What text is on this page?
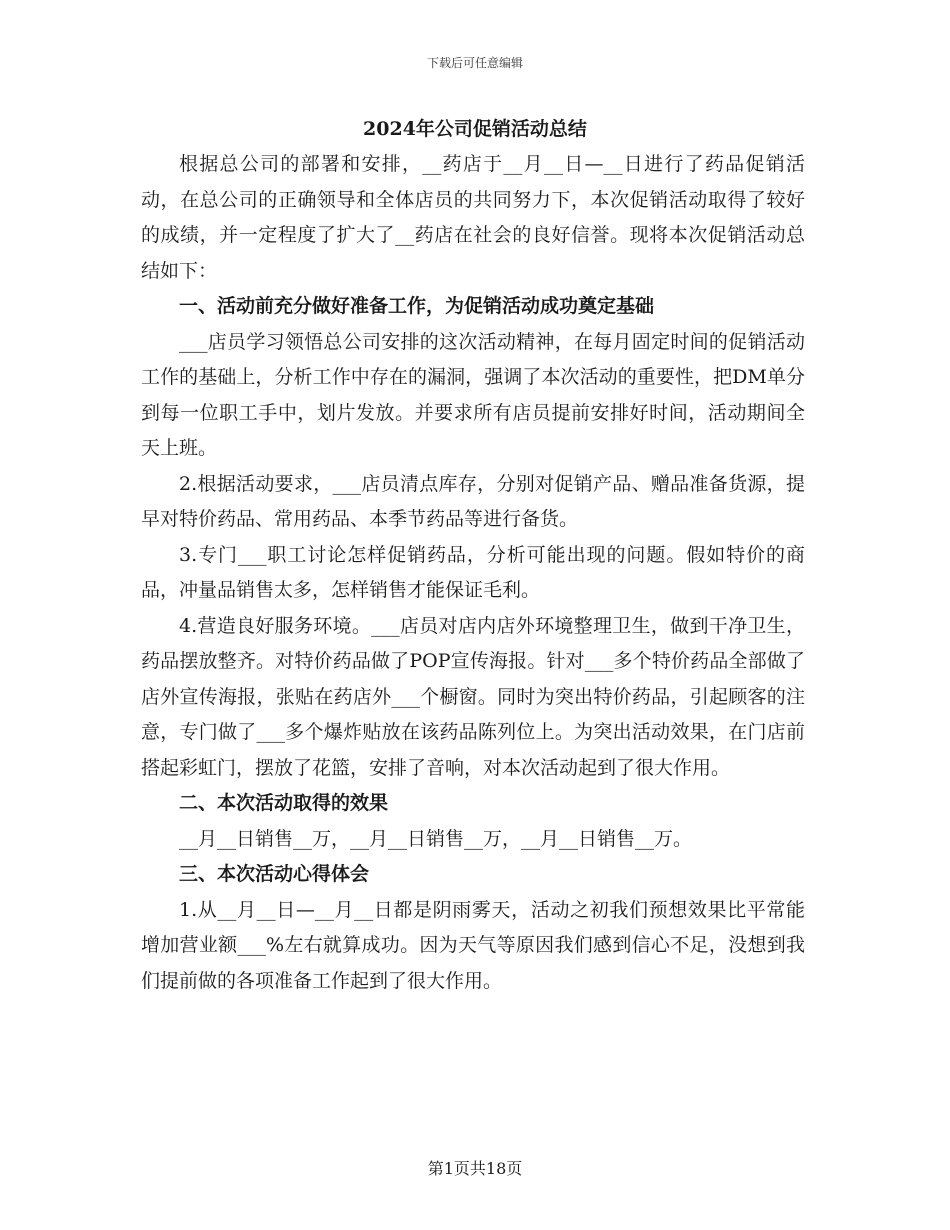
下载后可任意编辑
2024年公司促销活动总结

根据总公司的部署和安排，__药店于__月__日—__日进行了药品促销活动，在总公司的正确领导和全体店员的共同努力下，本次促销活动取得了较好的成绩，并一定程度了扩大了__药店在社会的良好信誉。现将本次促销活动总结如下：

一、活动前充分做好准备工作，为促销活动成功奠定基础

___店员学习领悟总公司安排的这次活动精神，在每月固定时间的促销活动工作的基础上，分析工作中存在的漏洞，强调了本次活动的重要性，把DM单分到每一位职工手中，划片发放。并要求所有店员提前安排好时间，活动期间全天上班。

2.根据活动要求，___店员清点库存，分别对促销产品、赠品准备货源，提早对特价药品、常用药品、本季节药品等进行备货。

3.专门___职工讨论怎样促销药品，分析可能出现的问题。假如特价的商品，冲量品销售太多，怎样销售才能保证毛利。

4.营造良好服务环境。___店员对店内店外环境整理卫生，做到干净卫生，药品摆放整齐。对特价药品做了POP宣传海报。针对___多个特价药品全部做了店外宣传海报，张贴在药店外___个橱窗。同时为突出特价药品，引起顾客的注意，专门做了___多个爆炸贴放在该药品陈列位上。为突出活动效果，在门店前搭起彩虹门，摆放了花篮，安排了音响，对本次活动起到了很大作用。

二、本次活动取得的效果

__月__日销售__万，__月__日销售__万，__月__日销售__万。

三、本次活动心得体会

1.从__月__日—__月__日都是阴雨雾天，活动之初我们预想效果比平常能增加营业额___%左右就算成功。因为天气等原因我们感到信心不足，没想到我们提前做的各项准备工作起到了很大作用。

第1页共18页
